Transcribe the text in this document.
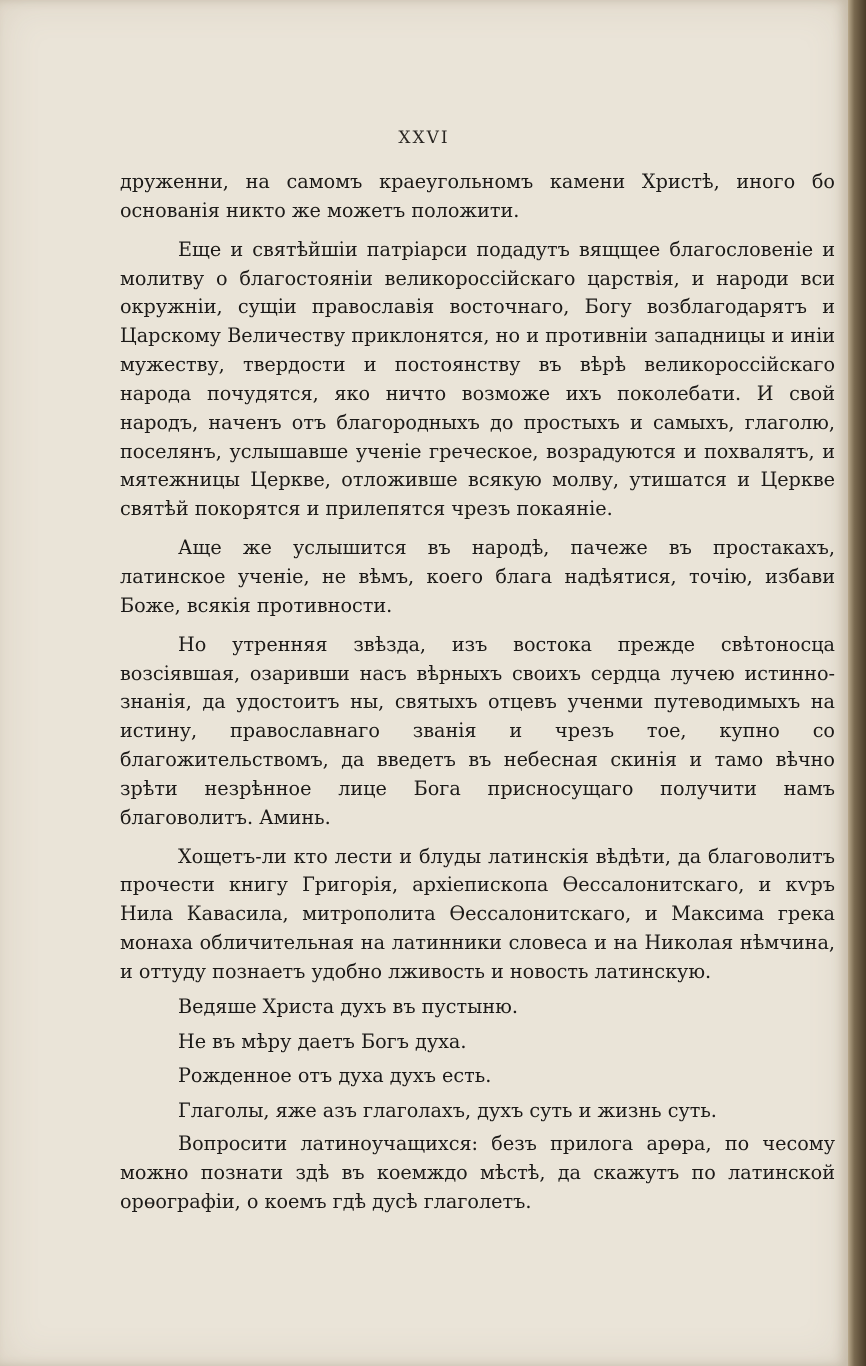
XXVI

друженни, на самомъ краеугольномъ камени Христѣ, иного бо основанія никто же можетъ положити.

Еще и святѣйшіи патріарси подадутъ вящщее благословеніе и молитву о благостояніи великороссійскаго царствія, и народи вси окружніи, сущіи православія восточнаго, Богу возблагодарятъ и Царскому Величеству приклонятся, но и противніи западницы и иніи мужеству, твердости и постоянству въ вѣрѣ великороссійскаго народа почудятся, яко ничто возможе ихъ поколебати. И свой народъ, наченъ отъ благородныхъ до простыхъ и самыхъ, глаголю, поселянъ, услышавше ученіе греческое, возрадуются и похвалятъ, и мятежницы Церкве, отложивше всякую молву, утишатся и Церкве святѣй покорятся и прилепятся чрезъ покаяніе.

Аще же услышится въ народѣ, пачеже въ простакахъ, латинское ученіе, не вѣмъ, коего блага надѣятися, точію, избави Боже, всякія противности.

Но утренняя звѣзда, изъ востока прежде свѣтоносца возсіявшая, озаривши насъ вѣрныхъ своихъ сердца лучею истинно-знанія, да удостоитъ ны, святыхъ отцевъ ученми путеводимыхъ на истину, православнаго званія и чрезъ тое, купно со благожительствомъ, да введетъ въ небесная скинія и тамо вѣчно зрѣти незрѣнное лице Бога присносущаго получити намъ благоволитъ. Аминь.

Хощетъ-ли кто лести и блуды латинскія вѣдѣти, да благоволитъ прочести книгу Григорія, архіепископа Өессалонитскаго, и кѵръ Нила Кавасила, митрополита Өессалонитскаго, и Максима грека монаха обличительная на латинники словеса и на Николая нѣмчина, и оттуду познаетъ удобно лживость и новость латинскую.

Ведяше Христа духъ въ пустыню.

Не въ мѣру даетъ Богъ духа.

Рожденное отъ духа духъ есть.

Глаголы, яже азъ глаголахъ, духъ суть и жизнь суть.

Вопросити латиноучащихся: безъ прилога арөра, по чесому можно познати здѣ въ коемждо мѣстѣ, да скажутъ по латинской орөографіи, о коемъ гдѣ дусѣ глаголетъ.
